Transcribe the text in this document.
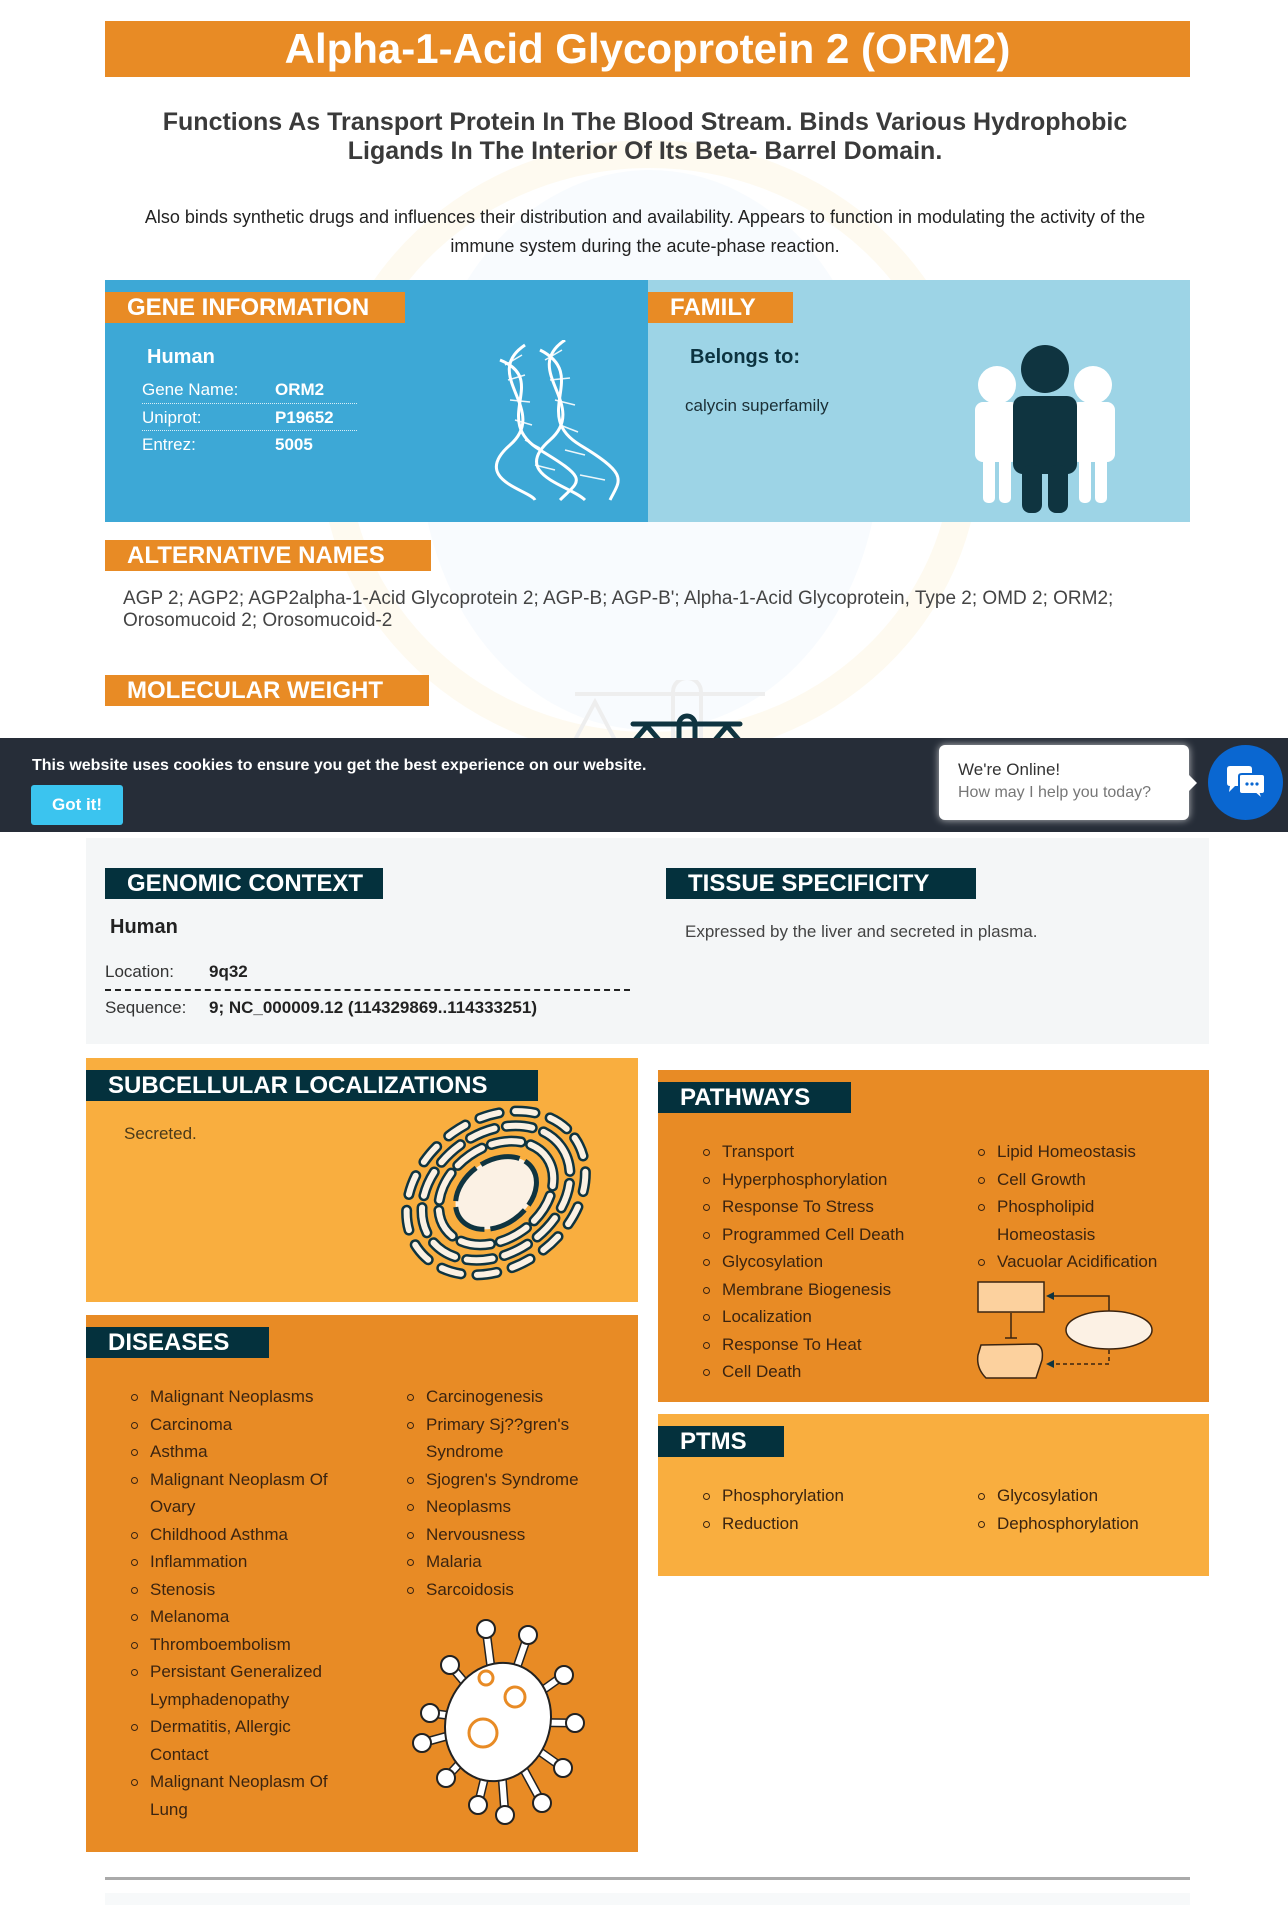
Alpha-1-Acid Glycoprotein 2 (ORM2)
Functions As Transport Protein In The Blood Stream. Binds Various Hydrophobic Ligands In The Interior Of Its Beta- Barrel Domain.
Also binds synthetic drugs and influences their distribution and availability. Appears to function in modulating the activity of the immune system during the acute-phase reaction.
GENE INFORMATION
Human
Gene Name:	ORM2
Uniprot:	P19652
Entrez:	5005
FAMILY
Belongs to:
calycin superfamily
ALTERNATIVE NAMES
AGP 2; AGP2; AGP2alpha-1-Acid Glycoprotein 2; AGP-B; AGP-B'; Alpha-1-Acid Glycoprotein, Type 2; OMD 2; ORM2; Orosomucoid 2; Orosomucoid-2
MOLECULAR WEIGHT
This website uses cookies to ensure you get the best experience on our website.
Got it!
We're Online!
How may I help you today?
GENOMIC CONTEXT
Human
Location:	9q32
Sequence:	9; NC_000009.12 (114329869..114333251)
TISSUE SPECIFICITY
Expressed by the liver and secreted in plasma.
SUBCELLULAR LOCALIZATIONS
Secreted.
DISEASES
Malignant Neoplasms
Carcinoma
Asthma
Malignant Neoplasm Of Ovary
Childhood Asthma
Inflammation
Stenosis
Melanoma
Thromboembolism
Persistant Generalized Lymphadenopathy
Dermatitis, Allergic Contact
Malignant Neoplasm Of Lung
Carcinogenesis
Primary Sj??gren's Syndrome
Sjogren's Syndrome
Neoplasms
Nervousness
Malaria
Sarcoidosis
PATHWAYS
Transport
Hyperphosphorylation
Response To Stress
Programmed Cell Death
Glycosylation
Membrane Biogenesis
Localization
Response To Heat
Cell Death
Lipid Homeostasis
Cell Growth
Phospholipid Homeostasis
Vacuolar Acidification
PTMS
Phosphorylation
Reduction
Glycosylation
Dephosphorylation
